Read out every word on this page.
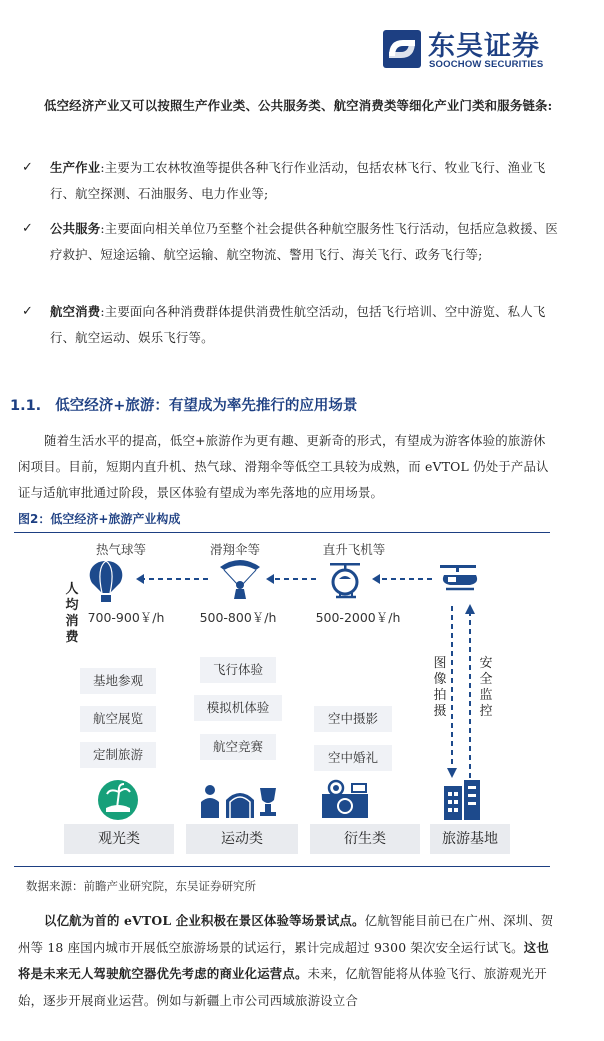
东吴证券
SOOCHOW SECURITIES
低空经济产业又可以按照生产作业类、公共服务类、航空消费类等细化产业门类和服务链条:
✓ 生产作业:主要为工农林牧渔等提供各种飞行作业活动，包括农林飞行、牧业飞行、渔业飞行、航空探测、石油服务、电力作业等;
✓ 公共服务:主要面向相关单位乃至整个社会提供各种航空服务性飞行活动，包括应急救援、医疗救护、短途运输、航空运输、航空物流、警用飞行、海关飞行、政务飞行等;
✓ 航空消费:主要面向各种消费群体提供消费性航空活动，包括飞行培训、空中游览、私人飞行、航空运动、娱乐飞行等。
1.1. 低空经济+旅游：有望成为率先推行的应用场景
随着生活水平的提高，低空+旅游作为更有趣、更新奇的形式，有望成为游客体验的旅游休闲项目。目前，短期内直升机、热气球、滑翔伞等低空工具较为成熟，而 eVTOL 仍处于产品认证与适航审批通过阶段，景区体验有望成为率先落地的应用场景。
图2：低空经济+旅游产业构成
热气球等	滑翔伞等	直升飞机等
人均消费
700-900￥/h	500-800￥/h	500-2000￥/h
基地参观
航空展览
定制旅游
飞行体验
模拟机体验
航空竞赛
空中摄影
空中婚礼
图像拍摄
安全监控
观光类	运动类	衍生类	旅游基地
数据来源：前瞻产业研究院，东吴证券研究所
以亿航为首的 eVTOL 企业积极在景区体验等场景试点。亿航智能目前已在广州、深圳、贺州等 18 座国内城市开展低空旅游场景的试运行，累计完成超过 9300 架次安全运行试飞。这也将是未来无人驾驶航空器优先考虑的商业化运营点。未来，亿航智能将从体验飞行、旅游观光开始，逐步开展商业运营。例如与新疆上市公司西域旅游设立合
